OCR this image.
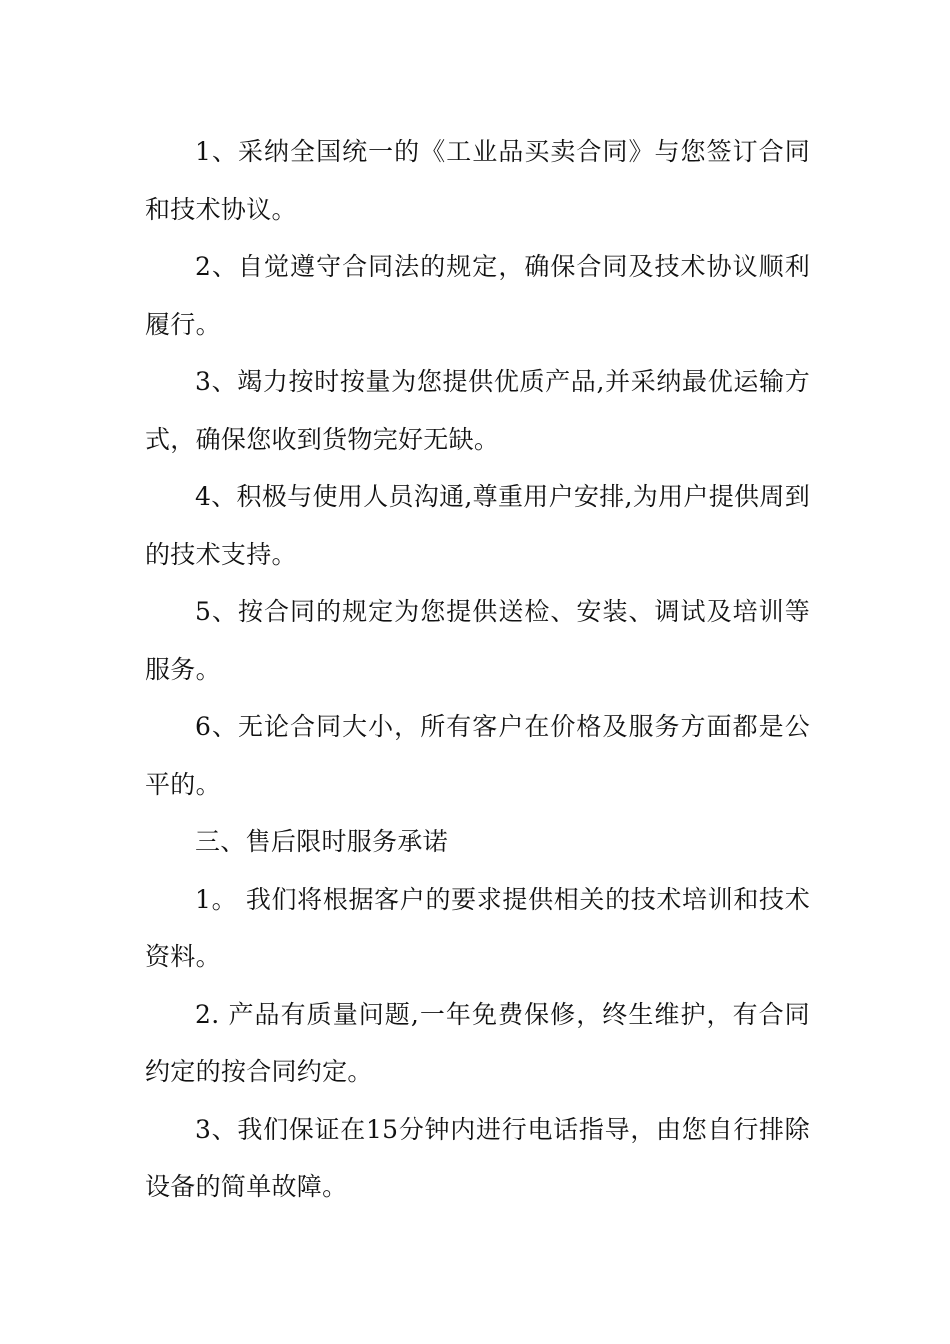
1、采纳全国统一的《工业品买卖合同》与您签订合同和技术协议。

2、自觉遵守合同法的规定，确保合同及技术协议顺利履行。

3、竭力按时按量为您提供优质产品,并采纳最优运输方式，确保您收到货物完好无缺。

4、积极与使用人员沟通,尊重用户安排,为用户提供周到的技术支持。

5、按合同的规定为您提供送检、安装、调试及培训等服务。

6、无论合同大小，所有客户在价格及服务方面都是公平的。

三、售后限时服务承诺

1。 我们将根据客户的要求提供相关的技术培训和技术资料。

2. 产品有质量问题,一年免费保修，终生维护，有合同约定的按合同约定。

3、我们保证在15分钟内进行电话指导，由您自行排除设备的简单故障。
